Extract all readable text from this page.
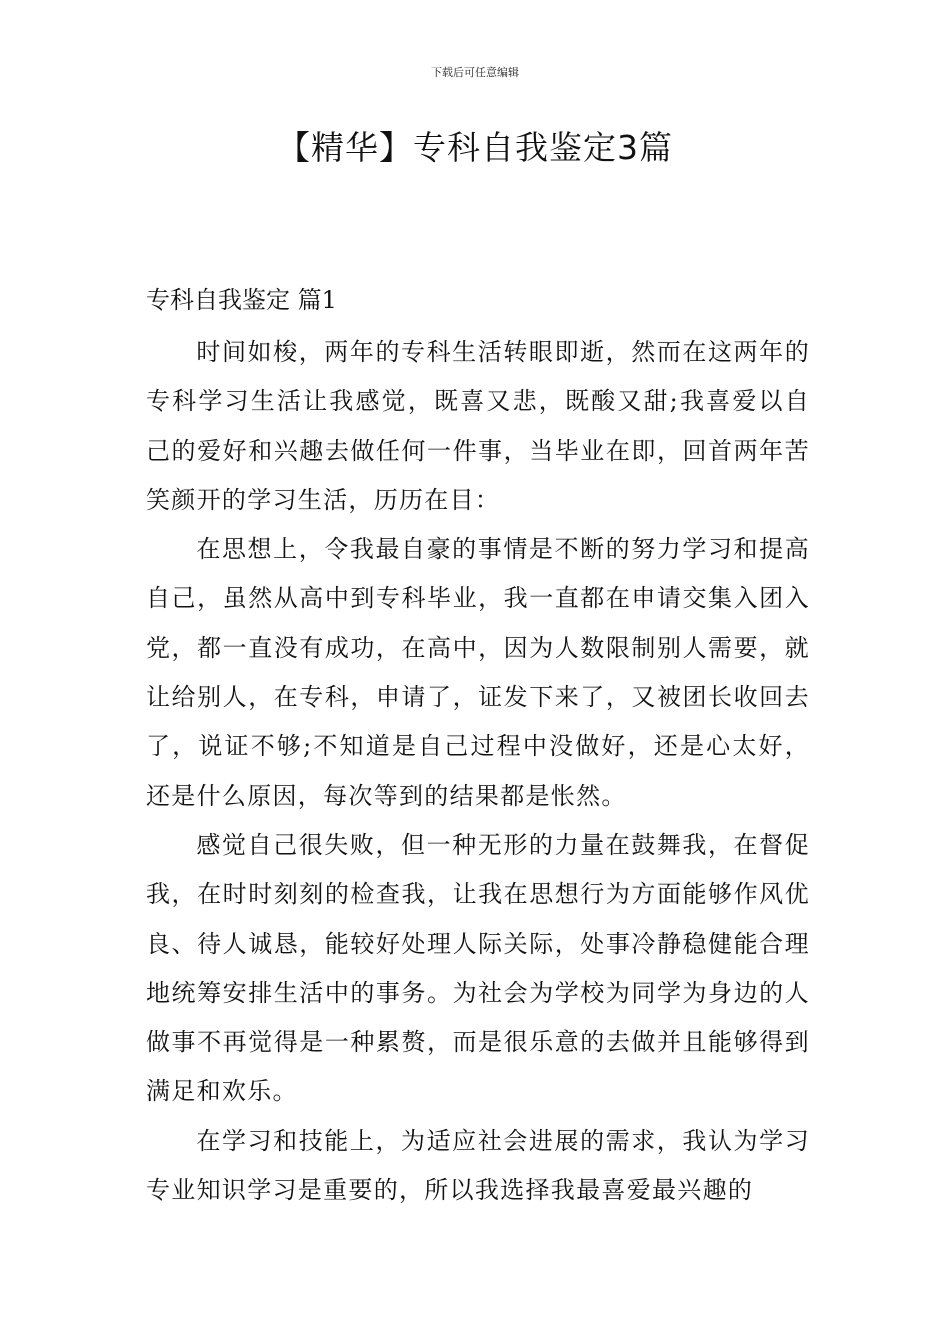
下载后可任意编辑
【精华】专科自我鉴定3篇
专科自我鉴定 篇1

时间如梭，两年的专科生活转眼即逝，然而在这两年的专科学习生活让我感觉，既喜又悲，既酸又甜;我喜爱以自己的爱好和兴趣去做任何一件事，当毕业在即，回首两年苦笑颜开的学习生活，历历在目：

在思想上，令我最自豪的事情是不断的努力学习和提高自己，虽然从高中到专科毕业，我一直都在申请交集入团入党，都一直没有成功，在高中，因为人数限制别人需要，就让给别人，在专科，申请了，证发下来了，又被团长收回去了，说证不够;不知道是自己过程中没做好，还是心太好，还是什么原因，每次等到的结果都是怅然。

感觉自己很失败，但一种无形的力量在鼓舞我，在督促我，在时时刻刻的检查我，让我在思想行为方面能够作风优良、待人诚恳，能较好处理人际关际，处事冷静稳健能合理地统筹安排生活中的事务。为社会为学校为同学为身边的人做事不再觉得是一种累赘，而是很乐意的去做并且能够得到满足和欢乐。

在学习和技能上，为适应社会进展的需求，我认为学习专业知识学习是重要的，所以我选择我最喜爱最兴趣的
